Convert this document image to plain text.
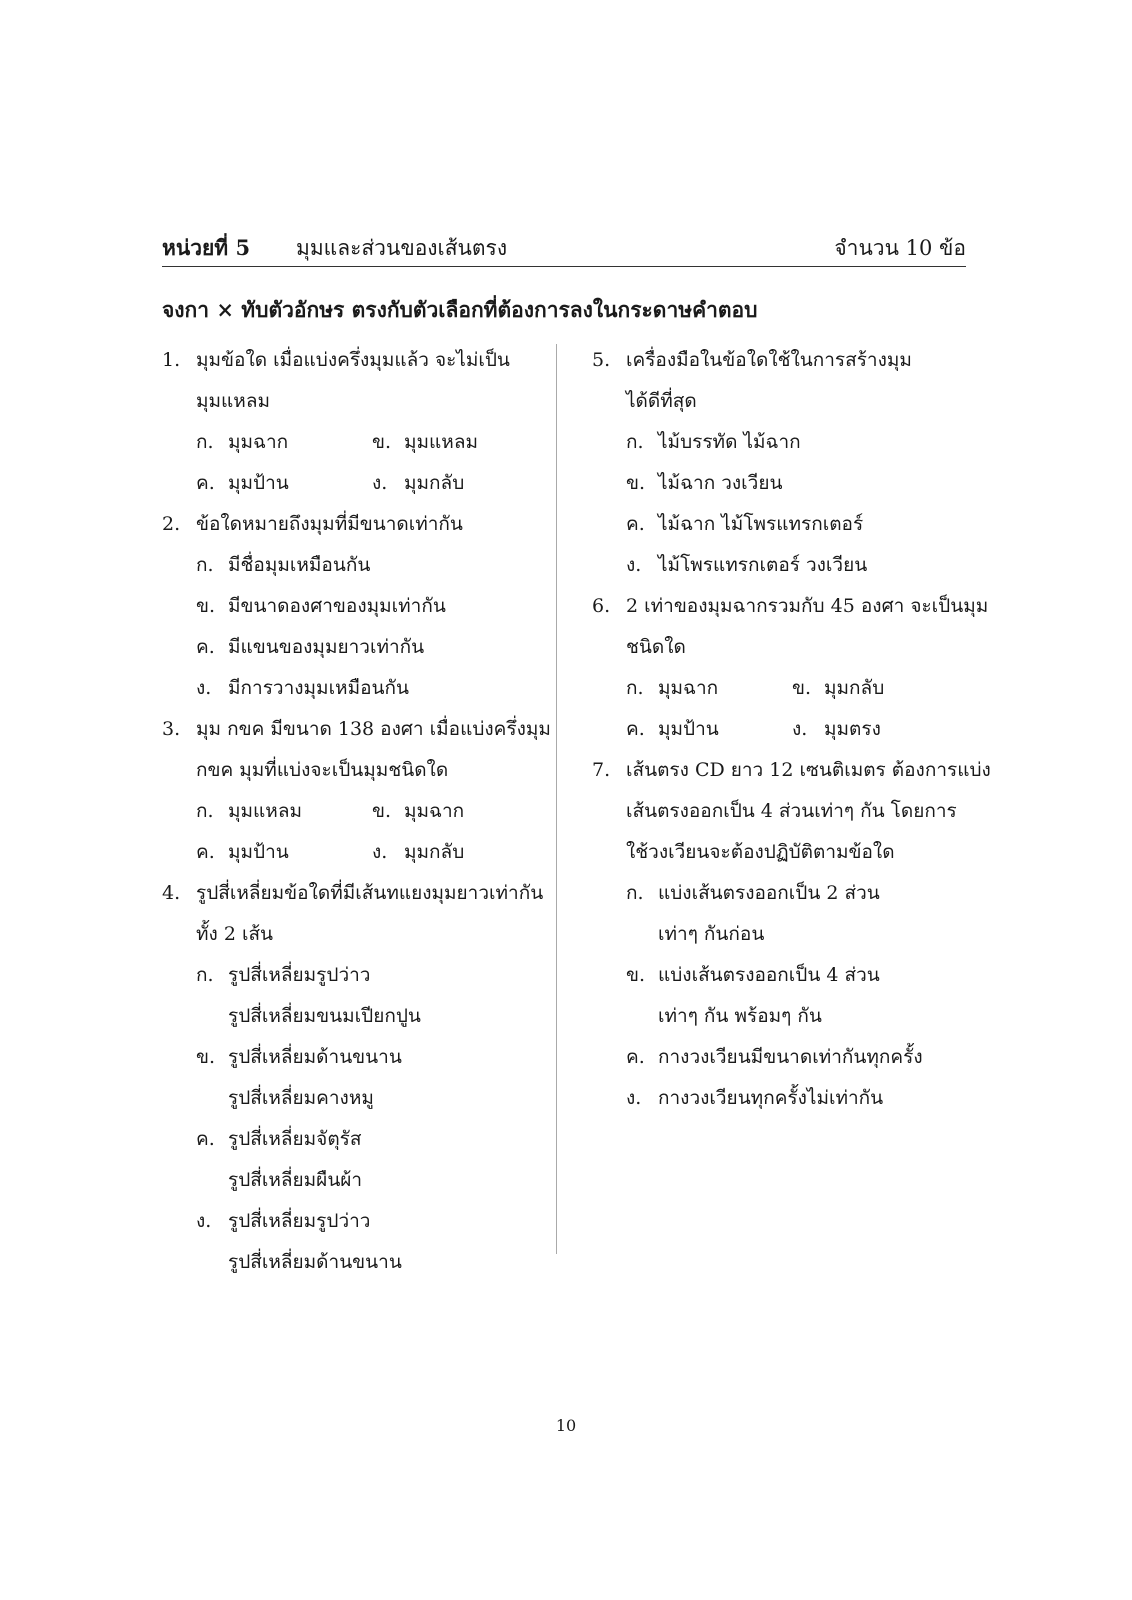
หน่วยที่ 5 มุมและส่วนของเส้นตรง	จำนวน 10 ข้อ
จงกา × ทับตัวอักษร ตรงกับตัวเลือกที่ต้องการลงในกระดาษคำตอบ
1. มุมข้อใด เมื่อแบ่งครึ่งมุมแล้ว จะไม่เป็น
มุมแหลม
ก. มุมฉาก	ข. มุมแหลม
ค. มุมป้าน	ง. มุมกลับ
2. ข้อใดหมายถึงมุมที่มีขนาดเท่ากัน
ก. มีชื่อมุมเหมือนกัน
ข. มีขนาดองศาของมุมเท่ากัน
ค. มีแขนของมุมยาวเท่ากัน
ง. มีการวางมุมเหมือนกัน
3. มุม กขค มีขนาด 138 องศา เมื่อแบ่งครึ่งมุม
กขค มุมที่แบ่งจะเป็นมุมชนิดใด
ก. มุมแหลม	ข. มุมฉาก
ค. มุมป้าน	ง. มุมกลับ
4. รูปสี่เหลี่ยมข้อใดที่มีเส้นทแยงมุมยาวเท่ากัน
ทั้ง 2 เส้น
ก. รูปสี่เหลี่ยมรูปว่าว
รูปสี่เหลี่ยมขนมเปียกปูน
ข. รูปสี่เหลี่ยมด้านขนาน
รูปสี่เหลี่ยมคางหมู
ค. รูปสี่เหลี่ยมจัตุรัส
รูปสี่เหลี่ยมผืนผ้า
ง. รูปสี่เหลี่ยมรูปว่าว
รูปสี่เหลี่ยมด้านขนาน
5. เครื่องมือในข้อใดใช้ในการสร้างมุม
ได้ดีที่สุด
ก. ไม้บรรทัด ไม้ฉาก
ข. ไม้ฉาก วงเวียน
ค. ไม้ฉาก ไม้โพรแทรกเตอร์
ง. ไม้โพรแทรกเตอร์ วงเวียน
6. 2 เท่าของมุมฉากรวมกับ 45 องศา จะเป็นมุม
ชนิดใด
ก. มุมฉาก	ข. มุมกลับ
ค. มุมป้าน	ง. มุมตรง
7. เส้นตรง CD ยาว 12 เซนติเมตร ต้องการแบ่ง
เส้นตรงออกเป็น 4 ส่วนเท่าๆ กัน โดยการ
ใช้วงเวียนจะต้องปฏิบัติตามข้อใด
ก. แบ่งเส้นตรงออกเป็น 2 ส่วน
เท่าๆ กันก่อน
ข. แบ่งเส้นตรงออกเป็น 4 ส่วน
เท่าๆ กัน พร้อมๆ กัน
ค. กางวงเวียนมีขนาดเท่ากันทุกครั้ง
ง. กางวงเวียนทุกครั้งไม่เท่ากัน
10
